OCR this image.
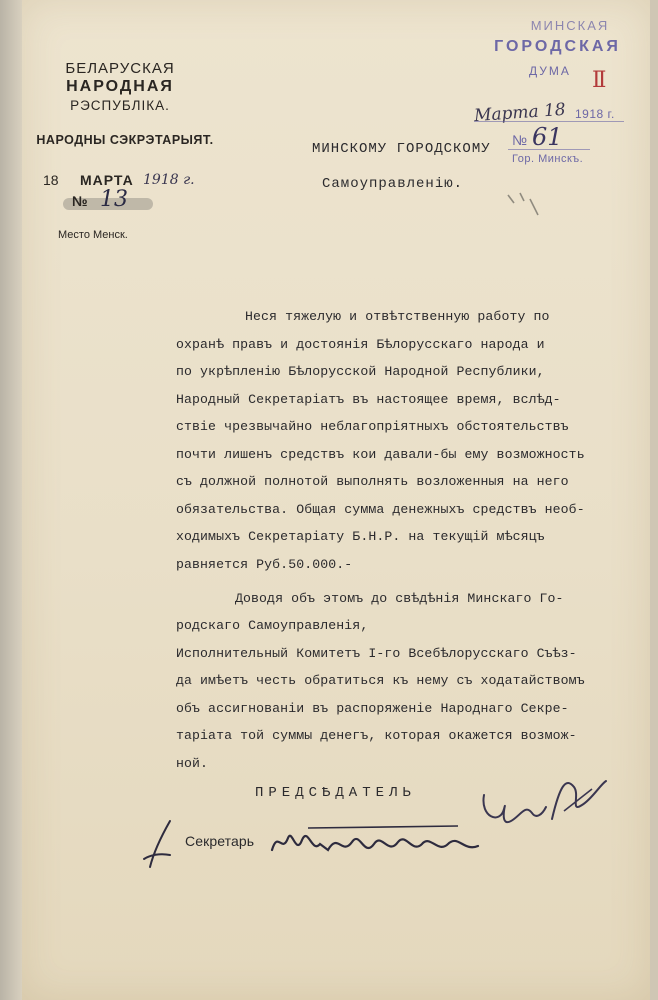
БЕЛАРУСКАЯ
НАРОДНАЯ
РЭСПУБЛІКА.
НАРОДНЫ СЭКРЭТАРЫЯТ.
18 МАРТА 1918 г.
№ 13
Место Менск.
МИНСКАЯ
ГОРОДСКАЯ
ДУМА II
Марта 18 1918 г.
№ 61
Гор. Минскъ.
МИНСКОМУ ГОРОДСКОМУ
Самоуправленію.
Неся тяжелую и отвѣтственную работу по
охранѣ правъ и достоянія Бѣлорусскаго народа и
по укрѣпленію Бѣлорусской Народной Республики,
Народный Секретаріатъ въ настоящее время, вслѣд-
ствіе чрезвычайно неблагопріятныхъ обстоятельствъ
почти лишенъ средствъ кои давали-бы ему возможность
съ должной полнотой выполнять возложенныя на него
обязательства. Общая сумма денежныхъ средствъ необ-
ходимыхъ Секретаріату Б.Н.Р. на текущій мѣсяцъ
равняется Руб.50.000.-
Доводя объ этомъ до свѣдѣнія Минскаго Го-
родскаго Самоуправленія,
Исполнительный Комитетъ I-го Всебѣлорусскаго Съѣз-
да имѣетъ честь обратиться къ нему съ ходатайствомъ
объ ассигнованіи въ распоряженіе Народнаго Секре-
таріата той суммы денегъ, которая окажется возмож-
ной.
ПРЕДСѢДАТЕЛЬ
Секретарь
